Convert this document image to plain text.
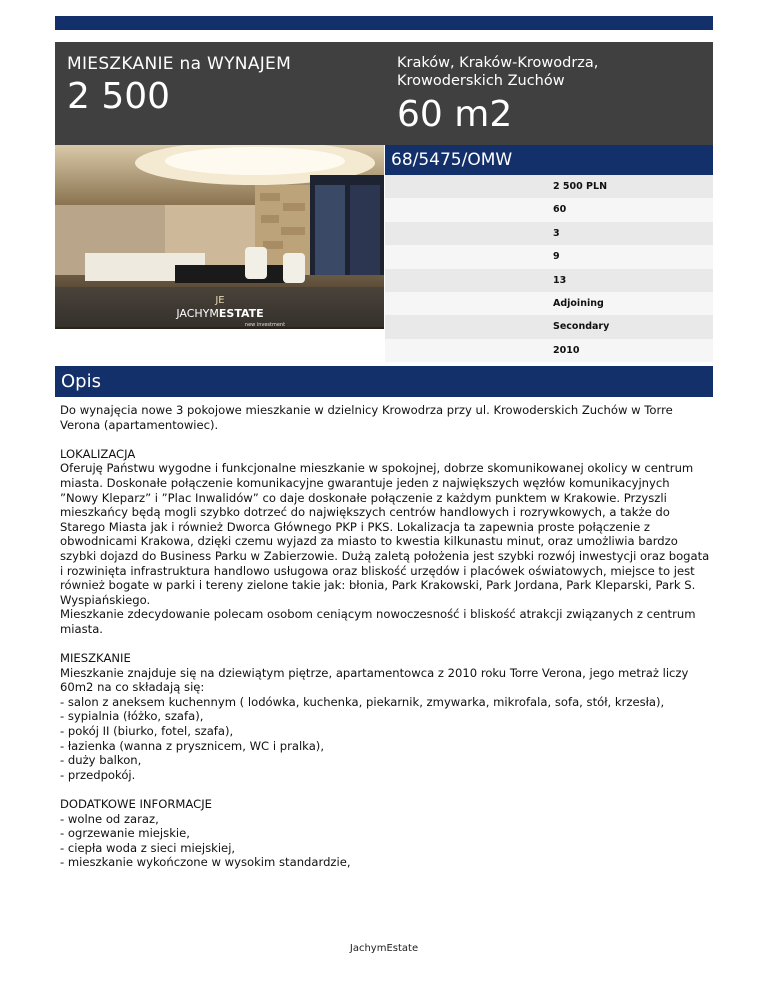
MIESZKANIE na WYNAJEM
2 500
Kraków, Kraków-Krowodrza, Krowoderskich Zuchów
60 m2
JE
JACHYMESTATE
new investment
68/5475/OMW
2 500 PLN
60
3
9
13
Adjoining
Secondary
2010
Opis

Do wynajęcia nowe 3 pokojowe mieszkanie w dzielnicy Krowodrza przy ul. Krowoderskich Zuchów w Torre Verona (apartamentowiec).

LOKALIZACJA
Oferuję Państwu wygodne i funkcjonalne mieszkanie w spokojnej, dobrze skomunikowanej okolicy w centrum miasta. Doskonałe połączenie komunikacyjne gwarantuje jeden z największych węzłów komunikacyjnych ”Nowy Kleparz” i ”Plac Inwalidów” co daje doskonałe połączenie z każdym punktem w Krakowie. Przyszli mieszkańcy będą mogli szybko dotrzeć do największych centrów handlowych i rozrywkowych, a także do Starego Miasta jak i również Dworca Głównego PKP i PKS. Lokalizacja ta zapewnia proste połączenie z obwodnicami Krakowa, dzięki czemu wyjazd za miasto to kwestia kilkunastu minut, oraz umożliwia bardzo szybki dojazd do Business Parku w Zabierzowie. Dużą zaletą położenia jest szybki rozwój inwestycji oraz bogata i rozwinięta infrastruktura handlowo usługowa oraz bliskość urzędów i placówek oświatowych, miejsce to jest również bogate w parki i tereny zielone takie jak: błonia, Park Krakowski, Park Jordana, Park Kleparski, Park S. Wyspiańskiego.
Mieszkanie zdecydowanie polecam osobom ceniącym nowoczesność i bliskość atrakcji związanych z centrum miasta.

MIESZKANIE
Mieszkanie znajduje się na dziewiątym piętrze, apartamentowca z 2010 roku Torre Verona, jego metraż liczy 60m2 na co składają się:
- salon z aneksem kuchennym ( lodówka, kuchenka, piekarnik, zmywarka, mikrofala, sofa, stół, krzesła),
- sypialnia (łóżko, szafa),
- pokój II (biurko, fotel, szafa),
- łazienka (wanna z prysznicem, WC i pralka),
- duży balkon,
- przedpokój.

DODATKOWE INFORMACJE
- wolne od zaraz,
- ogrzewanie miejskie,
- ciepła woda z sieci miejskiej,
- mieszkanie wykończone w wysokim standardzie,

JachymEstate
